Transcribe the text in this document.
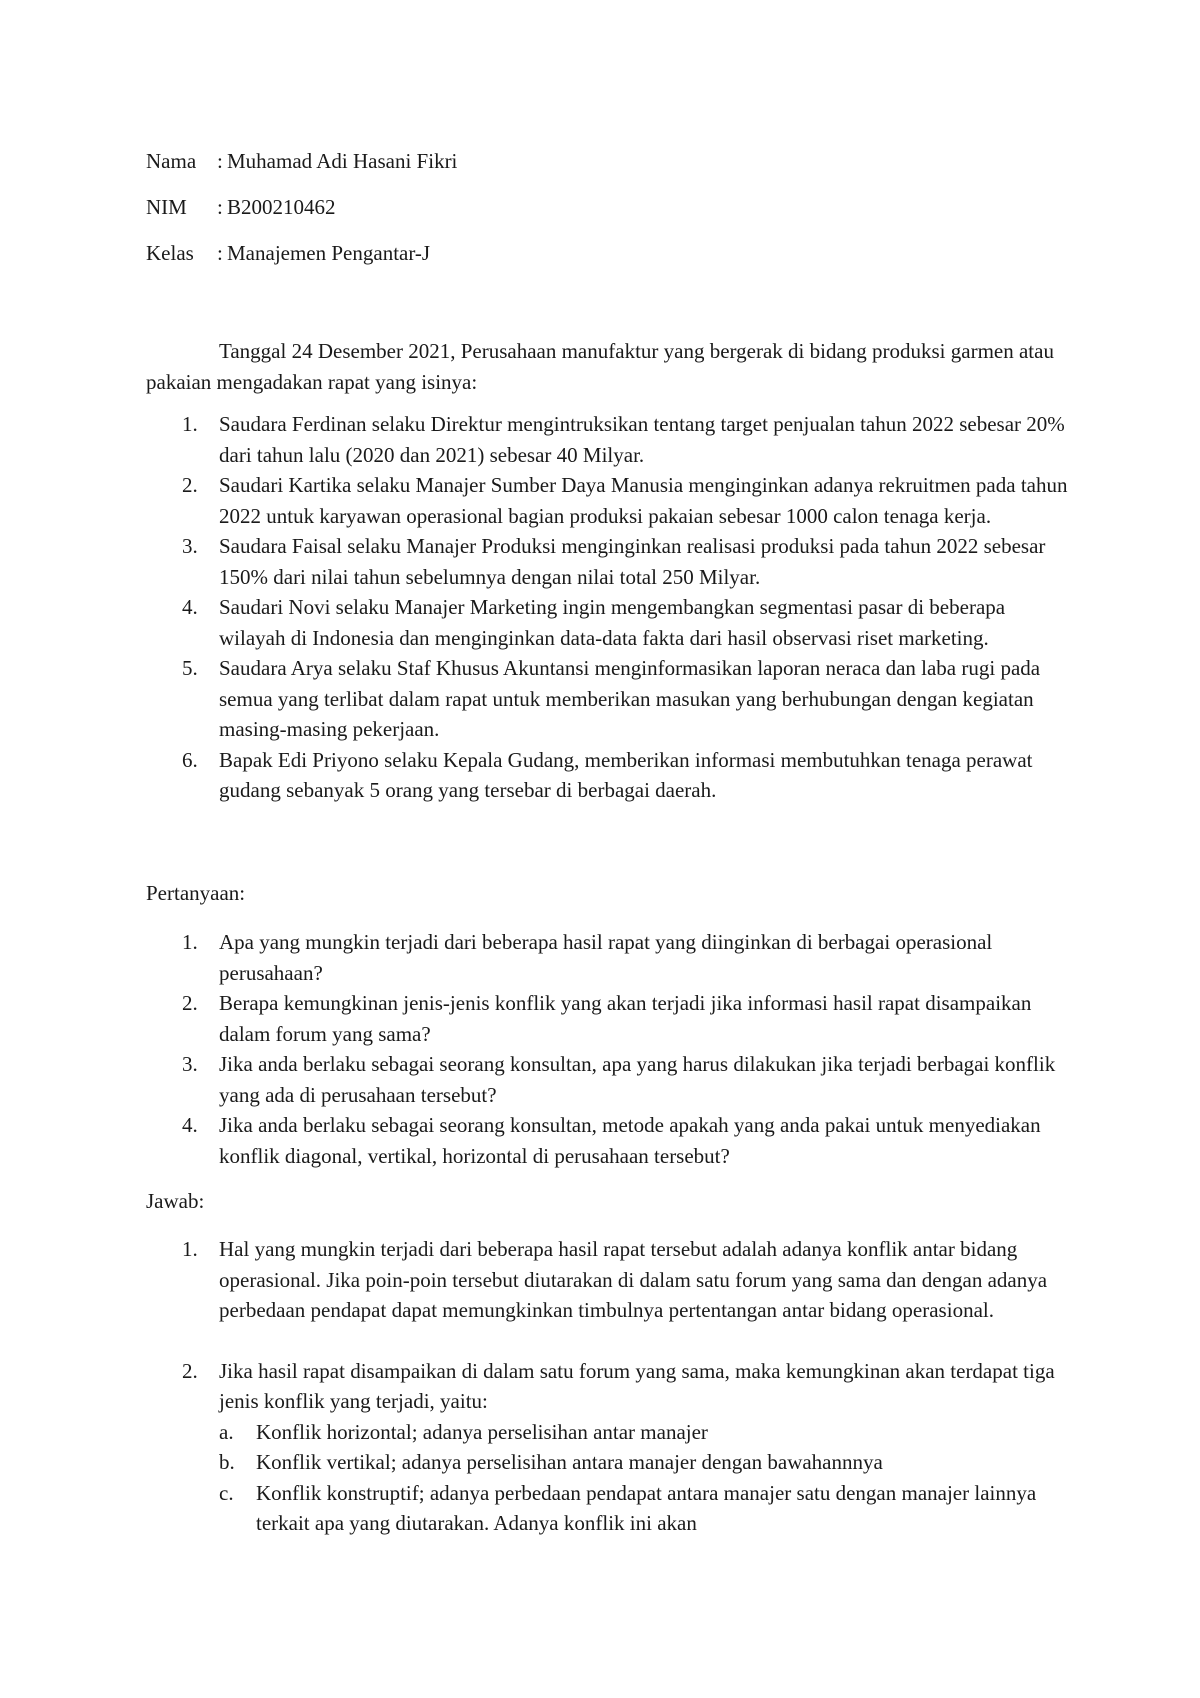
Nama : Muhamad Adi Hasani Fikri
NIM	: B200210462
Kelas	: Manajemen Pengantar-J

Tanggal 24 Desember 2021, Perusahaan manufaktur yang bergerak di bidang produksi garmen atau pakaian mengadakan rapat yang isinya:

1. Saudara Ferdinan selaku Direktur mengintruksikan tentang target penjualan tahun 2022 sebesar 20% dari tahun lalu (2020 dan 2021) sebesar 40 Milyar.
2. Saudari Kartika selaku Manajer Sumber Daya Manusia menginginkan adanya rekruitmen pada tahun 2022 untuk karyawan operasional bagian produksi pakaian sebesar 1000 calon tenaga kerja.
3. Saudara Faisal selaku Manajer Produksi menginginkan realisasi produksi pada tahun 2022 sebesar 150% dari nilai tahun sebelumnya dengan nilai total 250 Milyar.
4. Saudari Novi selaku Manajer Marketing ingin mengembangkan segmentasi pasar di beberapa wilayah di Indonesia dan menginginkan data-data fakta dari hasil observasi riset marketing.
5. Saudara Arya selaku Staf Khusus Akuntansi menginformasikan laporan neraca dan laba rugi pada semua yang terlibat dalam rapat untuk memberikan masukan yang berhubungan dengan kegiatan masing-masing pekerjaan.
6. Bapak Edi Priyono selaku Kepala Gudang, memberikan informasi membutuhkan tenaga perawat gudang sebanyak 5 orang yang tersebar di berbagai daerah.
Pertanyaan:
1. Apa yang mungkin terjadi dari beberapa hasil rapat yang diinginkan di berbagai operasional perusahaan?
2. Berapa kemungkinan jenis-jenis konflik yang akan terjadi jika informasi hasil rapat disampaikan dalam forum yang sama?
3. Jika anda berlaku sebagai seorang konsultan, apa yang harus dilakukan jika terjadi berbagai konflik yang ada di perusahaan tersebut?
4. Jika anda berlaku sebagai seorang konsultan, metode apakah yang anda pakai untuk menyediakan konflik diagonal, vertikal, horizontal di perusahaan tersebut?
Jawab:
1. Hal yang mungkin terjadi dari beberapa hasil rapat tersebut adalah adanya konflik antar bidang operasional. Jika poin-poin tersebut diutarakan di dalam satu forum yang sama dan dengan adanya perbedaan pendapat dapat memungkinkan timbulnya pertentangan antar bidang operasional.
2. Jika hasil rapat disampaikan di dalam satu forum yang sama, maka kemungkinan akan terdapat tiga jenis konflik yang terjadi, yaitu:
a. Konflik horizontal; adanya perselisihan antar manajer
b. Konflik vertikal; adanya perselisihan antara manajer dengan bawahannnya
c. Konflik konstruptif; adanya perbedaan pendapat antara manajer satu dengan manajer lainnya terkait apa yang diutarakan. Adanya konflik ini akan
